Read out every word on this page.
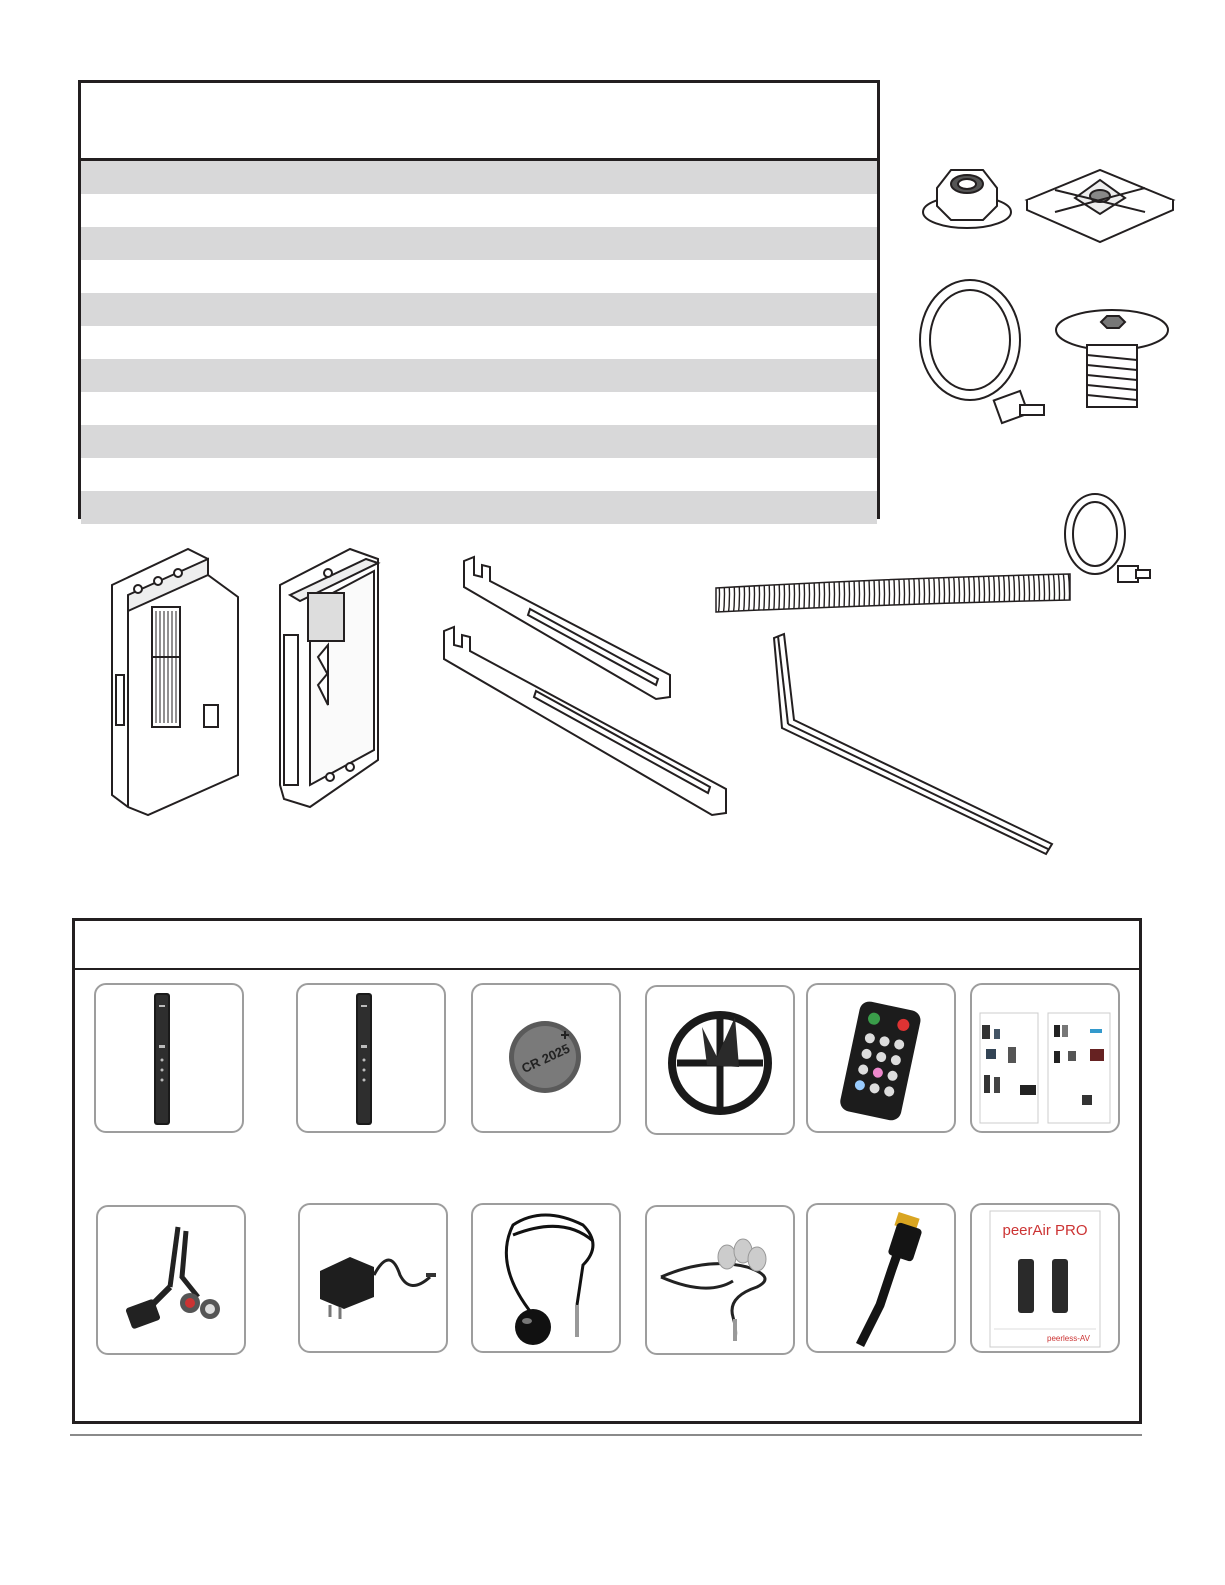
CR 2025
peerAir PRO
peerless-AV
